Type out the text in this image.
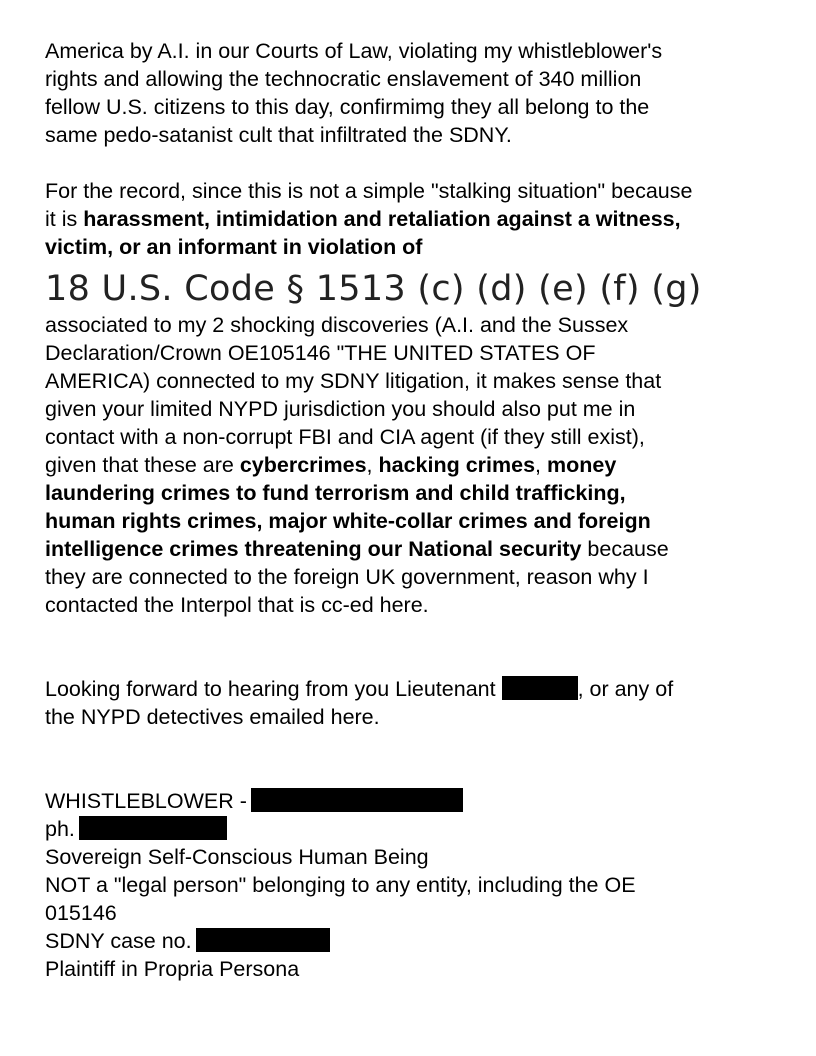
America by A.I. in our Courts of Law, violating my whistleblower's
rights and allowing the technocratic enslavement of 340 million
fellow U.S. citizens to this day, confirmimg they all belong to the
same pedo-satanist cult that infiltrated the SDNY.

For the record, since this is not a simple "stalking situation" because
it is harassment, intimidation and retaliation against a witness,
victim, or an informant in violation of

18 U.S. Code § 1513 (c) (d) (e) (f) (g)

associated to my 2 shocking discoveries (A.I. and the Sussex
Declaration/Crown OE105146 "THE UNITED STATES OF
AMERICA) connected to my SDNY litigation, it makes sense that
given your limited NYPD jurisdiction you should also put me in
contact with a non-corrupt FBI and CIA agent (if they still exist),
given that these are cybercrimes, hacking crimes, money
laundering crimes to fund terrorism and child trafficking,
human rights crimes, major white-collar crimes and foreign
intelligence crimes threatening our National security because
they are connected to the foreign UK government, reason why I
contacted the Interpol that is cc-ed here.

Looking forward to hearing from you Lieutenant	, or any of
the NYPD detectives emailed here.

WHISTLEBLOWER -
ph.
Sovereign Self-Conscious Human Being
NOT a "legal person" belonging to any entity, including the OE
015146
SDNY case no.
Plaintiff in Propria Persona
